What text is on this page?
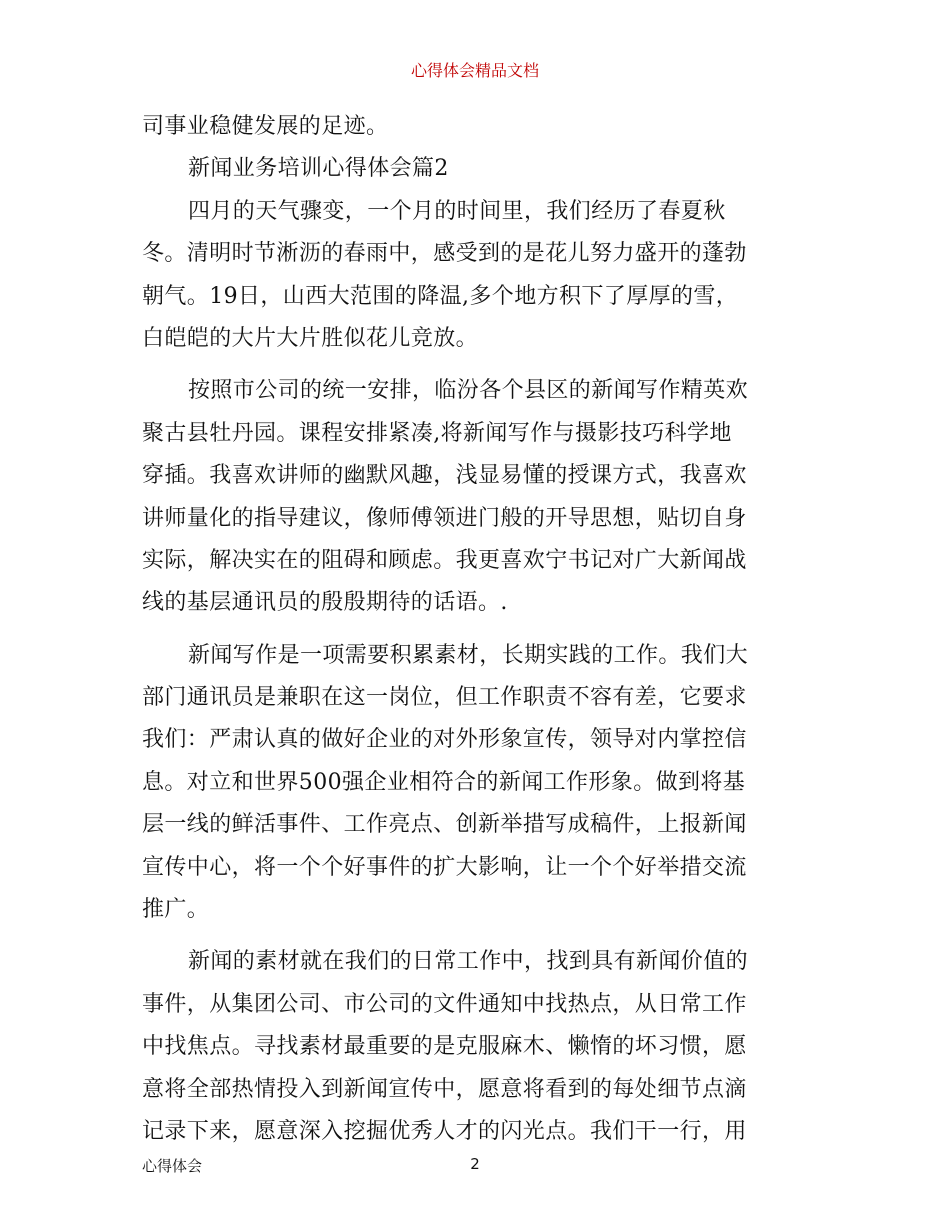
心得体会精品文档
司事业稳健发展的足迹。
新闻业务培训心得体会篇2
四月的天气骤变，一个月的时间里，我们经历了春夏秋
冬。清明时节淅沥的春雨中，感受到的是花儿努力盛开的蓬勃
朝气。19日，山西大范围的降温,多个地方积下了厚厚的雪，
白皑皑的大片大片胜似花儿竞放。
按照市公司的统一安排，临汾各个县区的新闻写作精英欢
聚古县牡丹园。课程安排紧凑,将新闻写作与摄影技巧科学地
穿插。我喜欢讲师的幽默风趣，浅显易懂的授课方式，我喜欢
讲师量化的指导建议，像师傅领进门般的开导思想，贴切自身
实际，解决实在的阻碍和顾虑。我更喜欢宁书记对广大新闻战
线的基层通讯员的殷殷期待的话语。.
新闻写作是一项需要积累素材，长期实践的工作。我们大
部门通讯员是兼职在这一岗位，但工作职责不容有差，它要求
我们：严肃认真的做好企业的对外形象宣传，领导对内掌控信
息。对立和世界500强企业相符合的新闻工作形象。做到将基
层一线的鲜活事件、工作亮点、创新举措写成稿件，上报新闻
宣传中心，将一个个好事件的扩大影响，让一个个好举措交流
推广。
新闻的素材就在我们的日常工作中，找到具有新闻价值的
事件，从集团公司、市公司的文件通知中找热点，从日常工作
中找焦点。寻找素材最重要的是克服麻木、懒惰的坏习惯，愿
意将全部热情投入到新闻宣传中，愿意将看到的每处细节点滴
记录下来，愿意深入挖掘优秀人才的闪光点。我们干一行，用
心得体会	2
